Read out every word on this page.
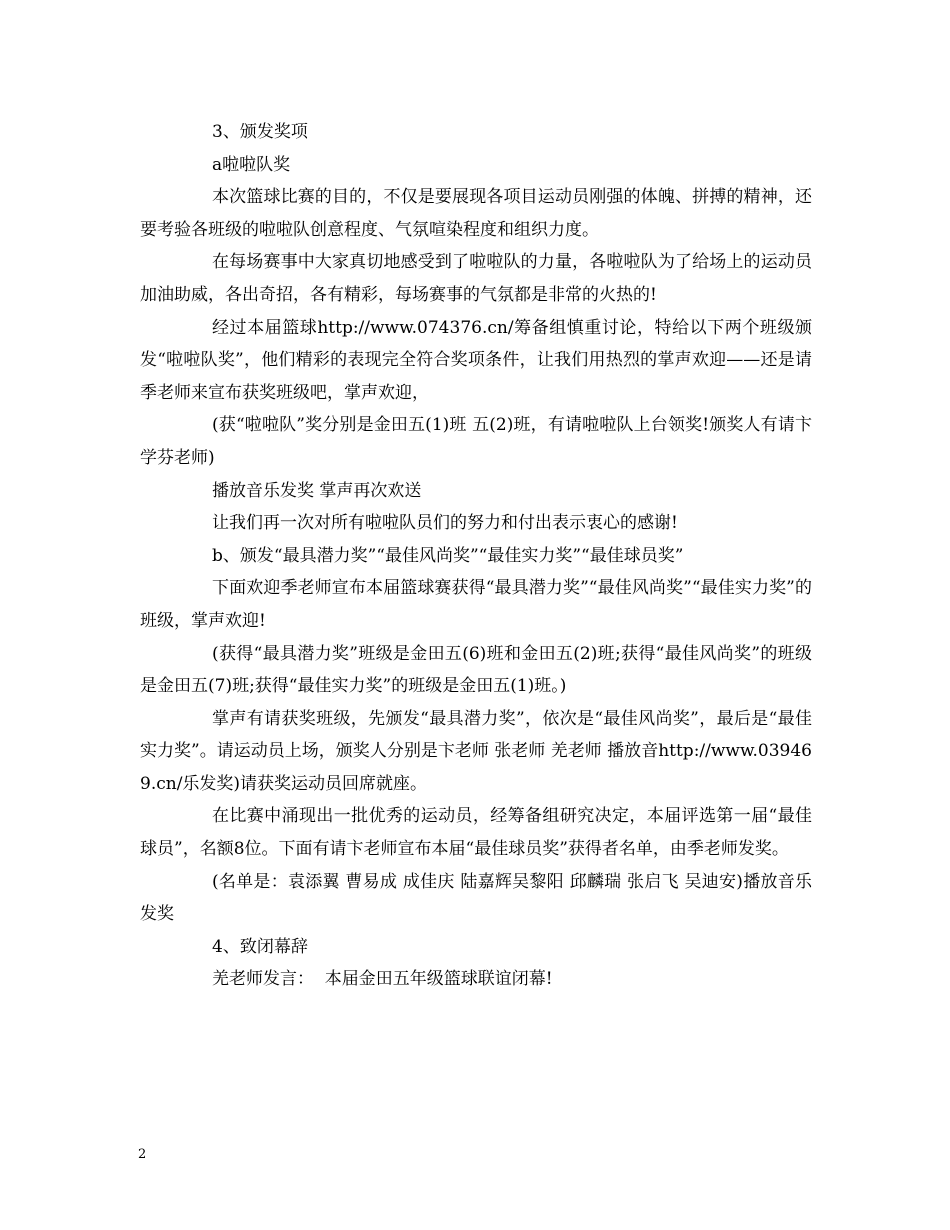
3、颁发奖项

a啦啦队奖

本次篮球比赛的目的，不仅是要展现各项目运动员刚强的体魄、拼搏的精神，还要考验各班级的啦啦队创意程度、气氛喧染程度和组织力度。

在每场赛事中大家真切地感受到了啦啦队的力量，各啦啦队为了给场上的运动员加油助威，各出奇招，各有精彩，每场赛事的气氛都是非常的火热的!

经过本届篮球http://www.074376.cn/筹备组慎重讨论，特给以下两个班级颁发“啦啦队奖”，他们精彩的表现完全符合奖项条件，让我们用热烈的掌声欢迎——还是请季老师来宣布获奖班级吧，掌声欢迎，

(获“啦啦队”奖分别是金田五(1)班 五(2)班，有请啦啦队上台领奖!颁奖人有请卞学芬老师)

播放音乐发奖 掌声再次欢送

让我们再一次对所有啦啦队员们的努力和付出表示衷心的感谢!

b、颁发“最具潜力奖”“最佳风尚奖”“最佳实力奖”“最佳球员奖”

下面欢迎季老师宣布本届篮球赛获得“最具潜力奖”“最佳风尚奖”“最佳实力奖”的班级，掌声欢迎!

(获得“最具潜力奖”班级是金田五(6)班和金田五(2)班;获得“最佳风尚奖”的班级是金田五(7)班;获得“最佳实力奖”的班级是金田五(1)班。)

掌声有请获奖班级，先颁发“最具潜力奖”，依次是“最佳风尚奖”，最后是“最佳实力奖”。请运动员上场，颁奖人分别是卞老师 张老师 羌老师 播放音http://www.039469.cn/乐发奖)请获奖运动员回席就座。

在比赛中涌现出一批优秀的运动员，经筹备组研究决定，本届评选第一届“最佳球员”，名额8位。下面有请卞老师宣布本届“最佳球员奖”获得者名单，由季老师发奖。

(名单是：袁添翼 曹易成 成佳庆 陆嘉辉吴黎阳 邱麟瑞 张启飞 吴迪安)播放音乐发奖

4、致闭幕辞

羌老师发言：  本届金田五年级篮球联谊闭幕!

2
